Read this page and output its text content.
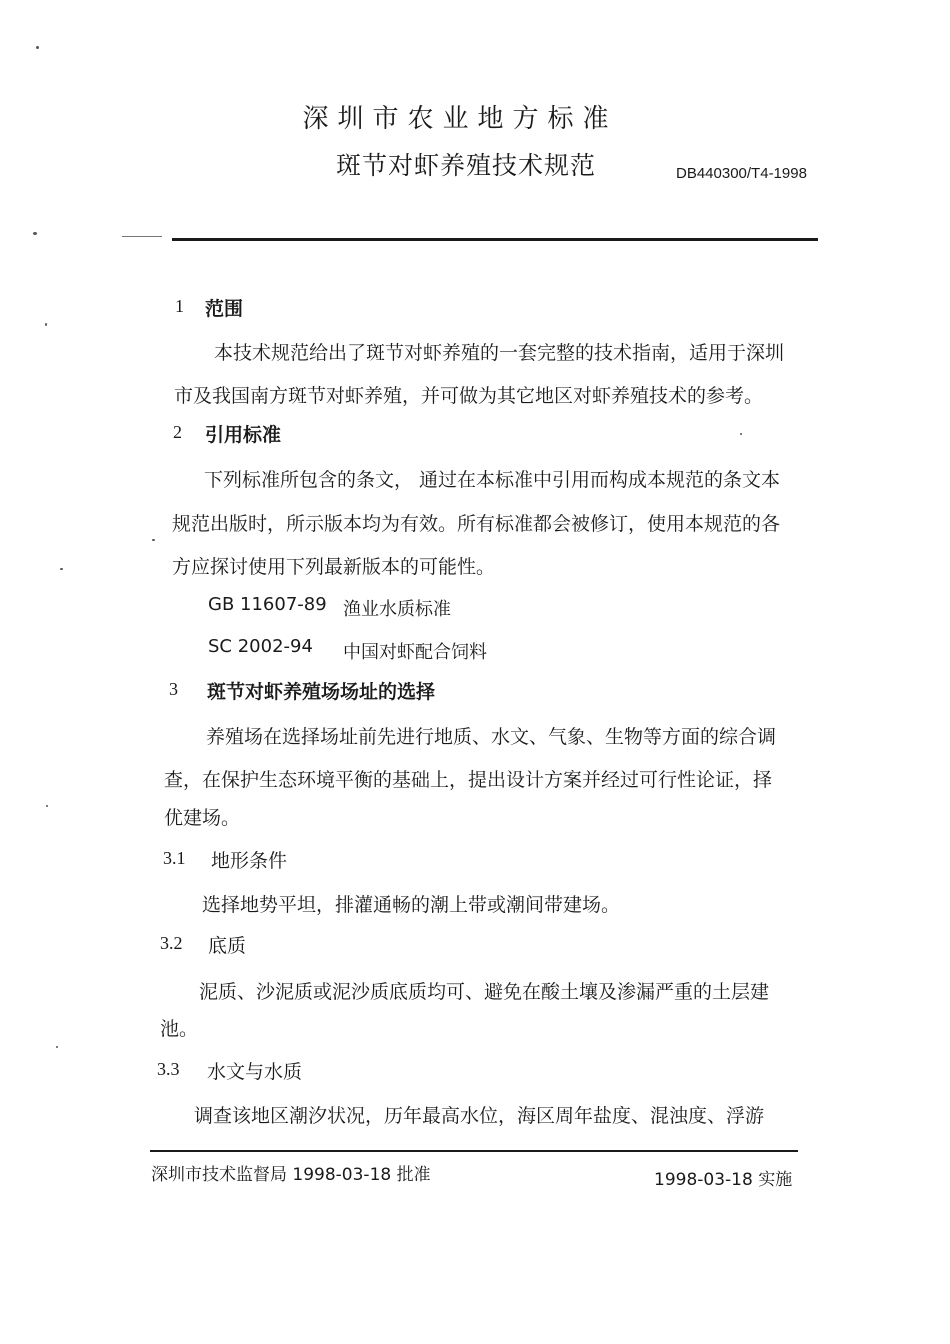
深圳市农业地方标准
斑节对虾养殖技术规范	DB440300/T4-1998
1 范围
本技术规范给出了斑节对虾养殖的一套完整的技术指南，适用于深圳
市及我国南方斑节对虾养殖，并可做为其它地区对虾养殖技术的参考。
2 引用标准
下列标准所包含的条文， 通过在本标准中引用而构成本规范的条文本
规范出版时，所示版本均为有效。所有标准都会被修订，使用本规范的各
方应探讨使用下列最新版本的可能性。
GB 11607-89 渔业水质标准
SC 2002-94 中国对虾配合饲料
3 斑节对虾养殖场场址的选择
养殖场在选择场址前先进行地质、水文、气象、生物等方面的综合调
查，在保护生态环境平衡的基础上，提出设计方案并经过可行性论证，择
优建场。
3.1 地形条件
选择地势平坦，排灌通畅的潮上带或潮间带建场。
3.2 底质
泥质、沙泥质或泥沙质底质均可、避免在酸土壤及渗漏严重的土层建
池。
3.3 水文与水质
调查该地区潮汐状况，历年最高水位，海区周年盐度、混浊度、浮游
深圳市技术监督局 1998-03-18 批准	1998-03-18 实施
